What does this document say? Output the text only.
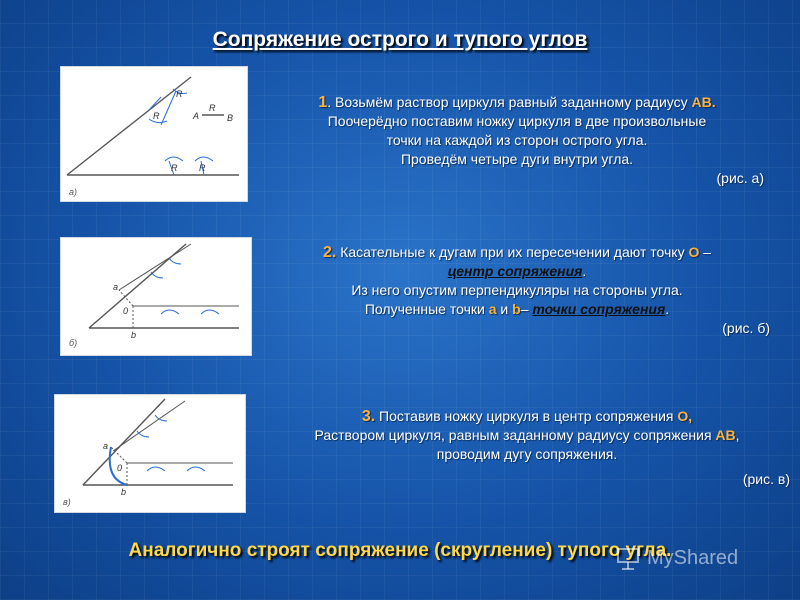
Сопряжение острого и тупого углов
R
R
R R
А
R
В
а)
1. Возьмём раствор циркуля равный заданному радиусу АВ.
Поочерёдно поставим ножку циркуля в две произвольные
точки на каждой из сторон острого угла.
Проведём четыре дуги внутри угла.
(рис. а)
а
0
b
б)
2. Касательные к дугам при их пересечении дают точку О –
центр сопряжения.
Из него опустим перпендикуляры на стороны угла.
Полученные точки а и b– точки сопряжения.
(рис. б)
а
0
b
в)
3. Поставив ножку циркуля в центр сопряжения О,
Раствором циркуля, равным заданному радиусу сопряжения АВ,
проводим дугу сопряжения.
(рис. в)
Аналогично строят сопряжение (скругление) тупого угла.
MyShared
